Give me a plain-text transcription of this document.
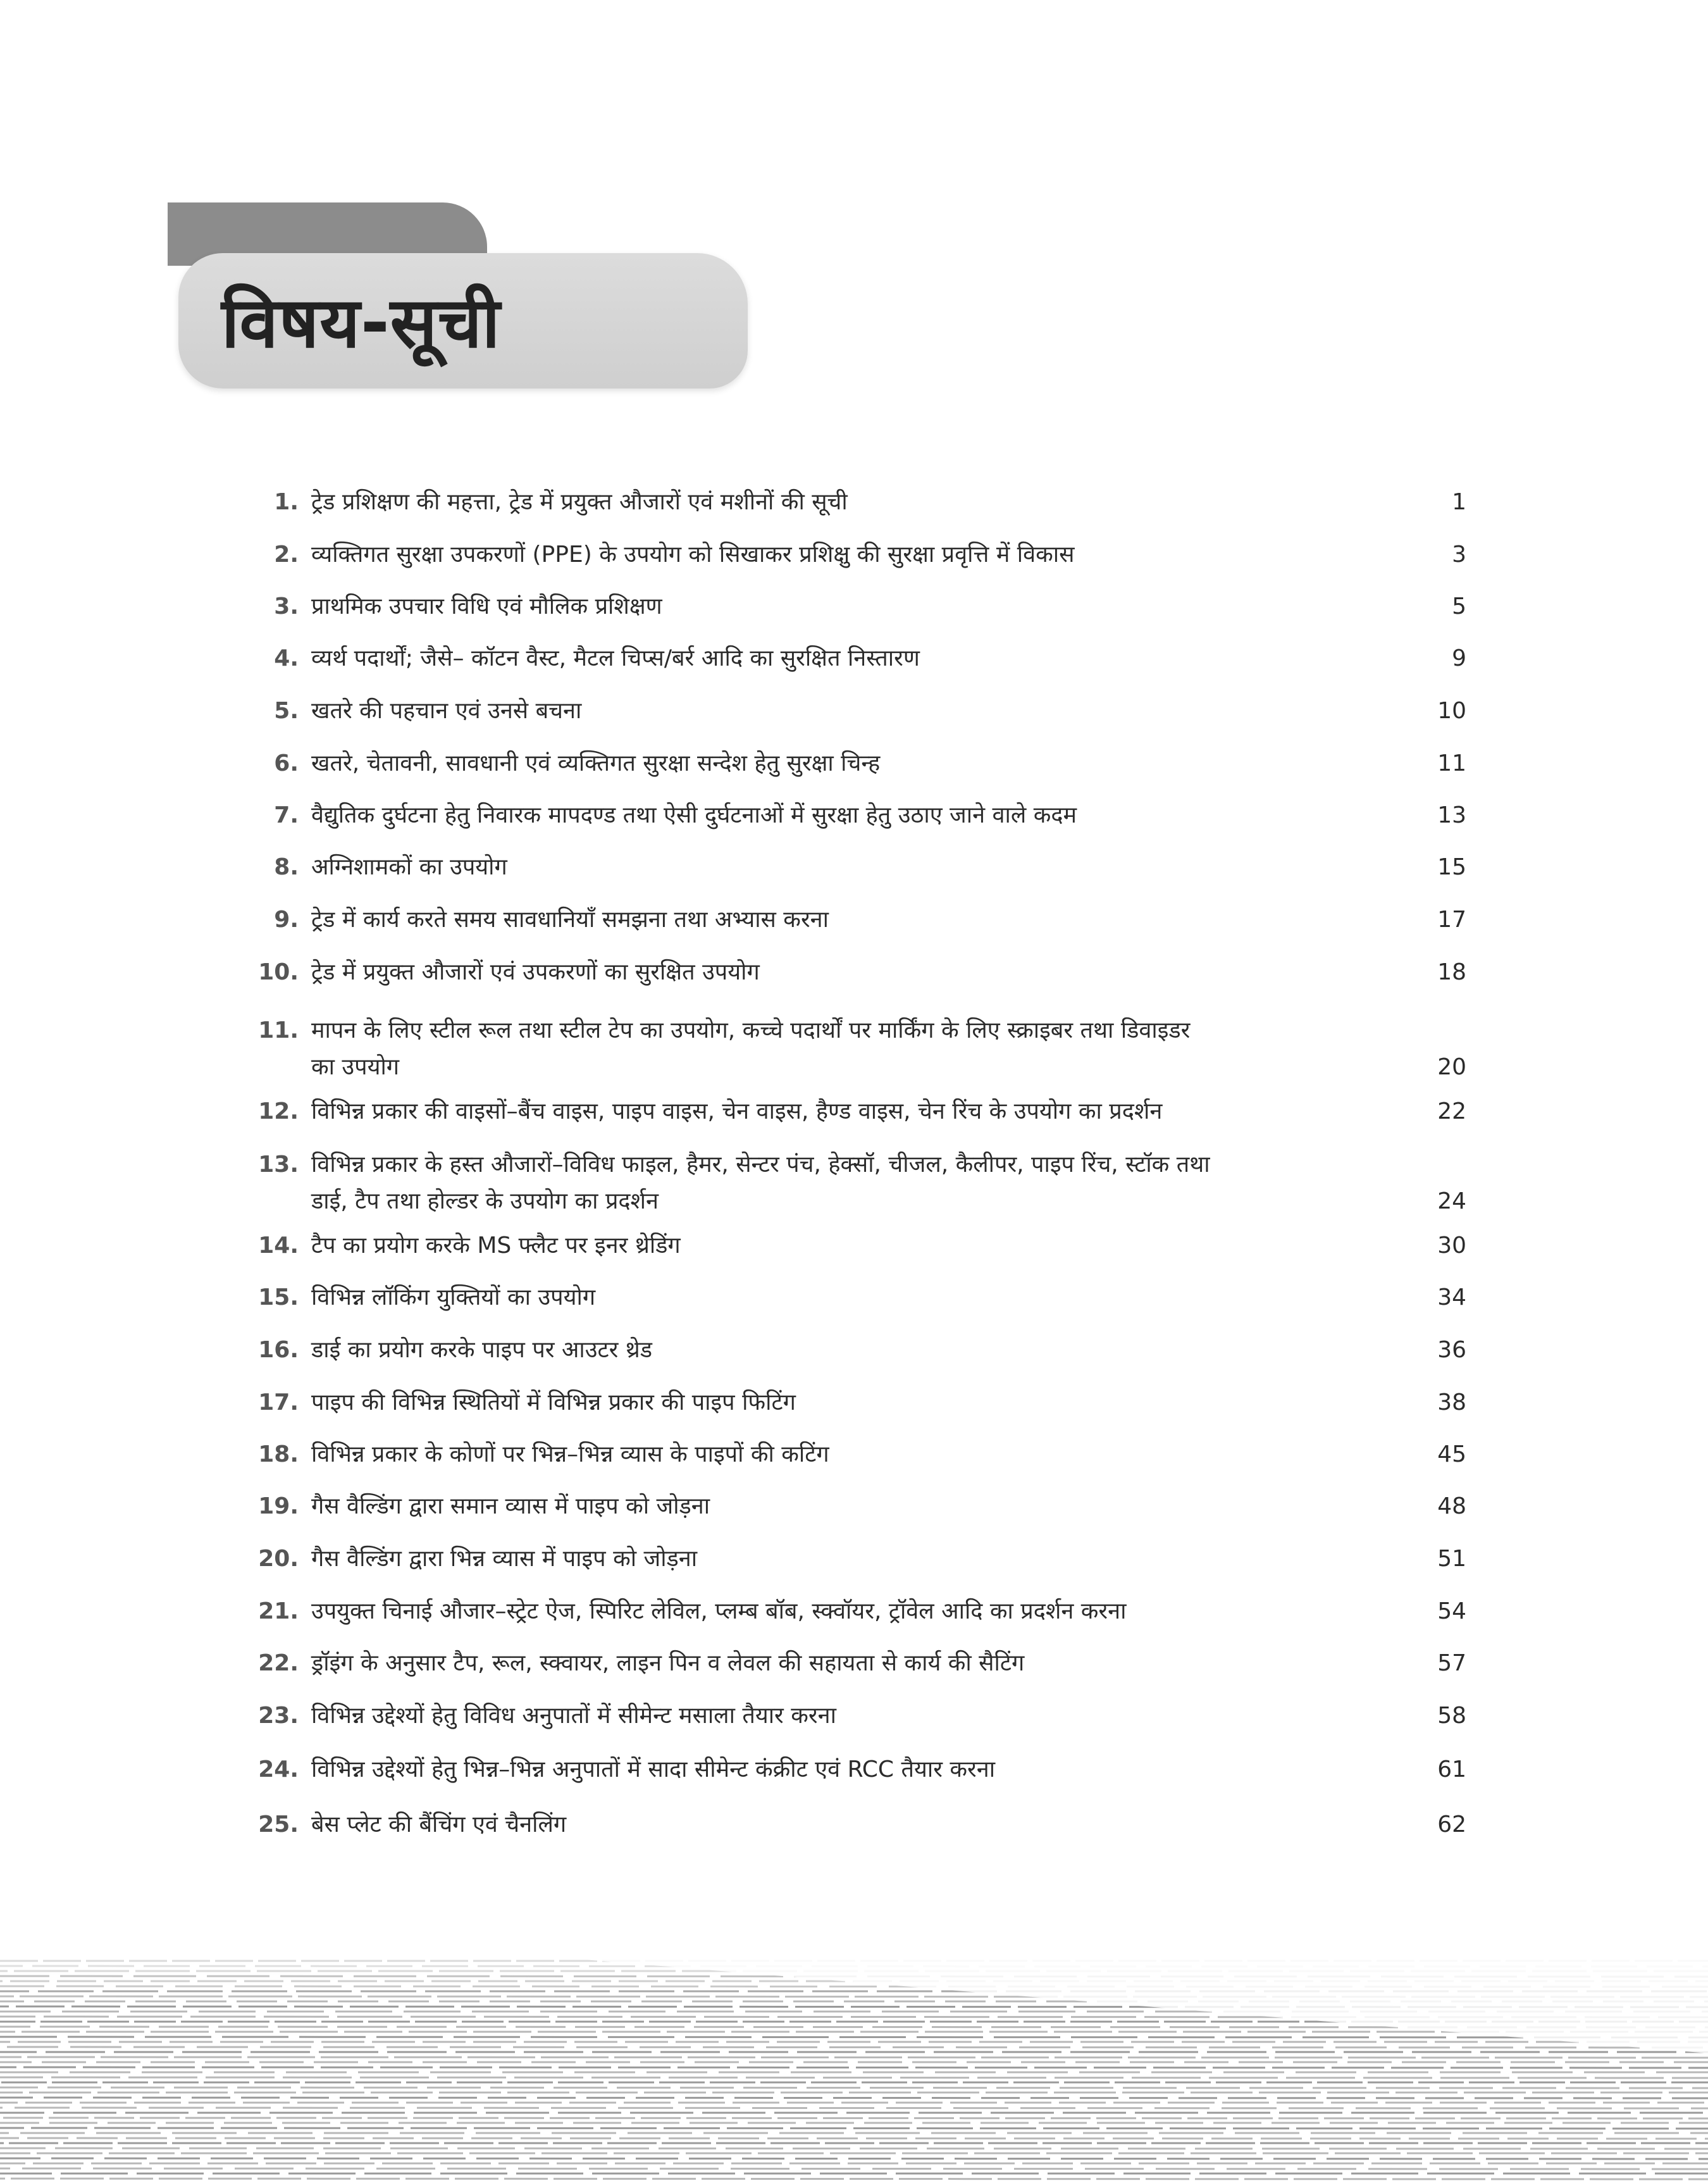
विषय-सूची
1. ट्रेड प्रशिक्षण की महत्ता, ट्रेड में प्रयुक्त औजारों एवं मशीनों की सूची	1
2. व्यक्तिगत सुरक्षा उपकरणों (PPE) के उपयोग को सिखाकर प्रशिक्षु की सुरक्षा प्रवृत्ति में विकास	3
3. प्राथमिक उपचार विधि एवं मौलिक प्रशिक्षण	5
4. व्यर्थ पदार्थों; जैसे– कॉटन वैस्ट, मैटल चिप्स/बर्र आदि का सुरक्षित निस्तारण	9
5. खतरे की पहचान एवं उनसे बचना	10
6. खतरे, चेतावनी, सावधानी एवं व्यक्तिगत सुरक्षा सन्देश हेतु सुरक्षा चिन्ह	11
7. वैद्युतिक दुर्घटना हेतु निवारक मापदण्ड तथा ऐसी दुर्घटनाओं में सुरक्षा हेतु उठाए जाने वाले कदम	13
8. अग्निशामकों का उपयोग	15
9. ट्रेड में कार्य करते समय सावधानियाँ समझना तथा अभ्यास करना	17
10. ट्रेड में प्रयुक्त औजारों एवं उपकरणों का सुरक्षित उपयोग	18
11. मापन के लिए स्टील रूल तथा स्टील टेप का उपयोग, कच्चे पदार्थों पर मार्किंग के लिए स्क्राइबर तथा डिवाइडर का उपयोग	20
12. विभिन्न प्रकार की वाइसों–बैंच वाइस, पाइप वाइस, चेन वाइस, हैण्ड वाइस, चेन रिंच के उपयोग का प्रदर्शन	22
13. विभिन्न प्रकार के हस्त औजारों–विविध फाइल, हैमर, सेन्टर पंच, हेक्सॉ, चीजल, कैलीपर, पाइप रिंच, स्टॉक तथा डाई, टैप तथा होल्डर के उपयोग का प्रदर्शन	24
14. टैप का प्रयोग करके MS फ्लैट पर इनर थ्रेडिंग	30
15. विभिन्न लॉकिंग युक्तियों का उपयोग	34
16. डाई का प्रयोग करके पाइप पर आउटर थ्रेड	36
17. पाइप की विभिन्न स्थितियों में विभिन्न प्रकार की पाइप फिटिंग	38
18. विभिन्न प्रकार के कोणों पर भिन्न–भिन्न व्यास के पाइपों की कटिंग	45
19. गैस वैल्डिंग द्वारा समान व्यास में पाइप को जोड़ना	48
20. गैस वैल्डिंग द्वारा भिन्न व्यास में पाइप को जोड़ना	51
21. उपयुक्त चिनाई औजार–स्ट्रेट ऐज, स्पिरिट लेविल, प्लम्ब बॉब, स्क्वॉयर, ट्रॉवेल आदि का प्रदर्शन करना	54
22. ड्रॉइंग के अनुसार टैप, रूल, स्क्वायर, लाइन पिन व लेवल की सहायता से कार्य की सैटिंग	57
23. विभिन्न उद्देश्यों हेतु विविध अनुपातों में सीमेन्ट मसाला तैयार करना	58
24. विभिन्न उद्देश्यों हेतु भिन्न–भिन्न अनुपातों में सादा सीमेन्ट कंक्रीट एवं RCC तैयार करना	61
25. बेस प्लेट की बैंचिंग एवं चैनलिंग	62
